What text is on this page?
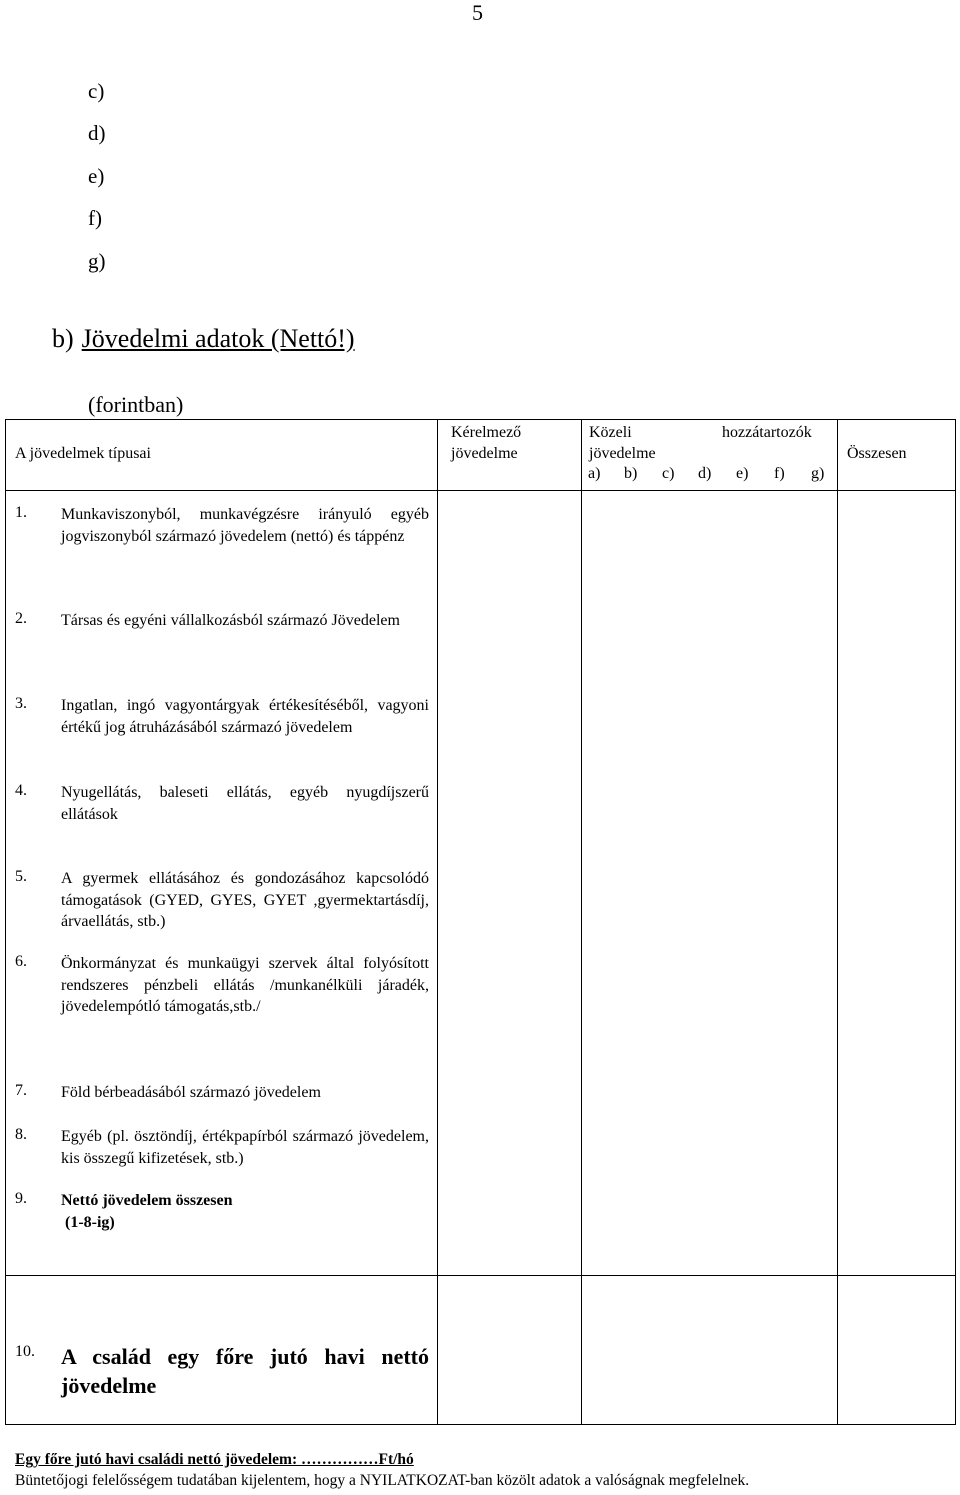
5
c)
d)
e)
f)
g)
b) Jövedelmi adatok (Nettó!)
(forintban)
A jövedelmek típusai
Kérelmező
jövedelme
Közeli	hozzátartozók
jövedelme
a) b) c) d) e) f) g)
Összesen
1. Munkaviszonyból, munkavégzésre irányuló egyéb jogviszonyból származó jövedelem (nettó) és táppénz
2. Társas és egyéni vállalkozásból származó Jövedelem
3. Ingatlan, ingó vagyontárgyak értékesítéséből, vagyoni értékű jog átruházásából származó jövedelem
4. Nyugellátás, baleseti ellátás, egyéb nyugdíjszerű ellátások
5. A gyermek ellátásához és gondozásához kapcsolódó támogatások (GYED, GYES, GYET ,gyermektartásdíj, árvaellátás, stb.)
6. Önkormányzat és munkaügyi szervek által folyósított rendszeres pénzbeli ellátás /munkanélküli járadék, jövedelempótló támogatás,stb./
7. Föld bérbeadásából származó jövedelem
8. Egyéb (pl. ösztöndíj, értékpapírból származó jövedelem, kis összegű kifizetések, stb.)
9. Nettó jövedelem összesen
(1-8-ig)
10. A család egy főre jutó havi nettó jövedelme
Egy főre jutó havi családi nettó jövedelem: ……………Ft/hó
Büntetőjogi felelősségem tudatában kijelentem, hogy a NYILATKOZAT-ban közölt adatok a valóságnak megfelelnek.
